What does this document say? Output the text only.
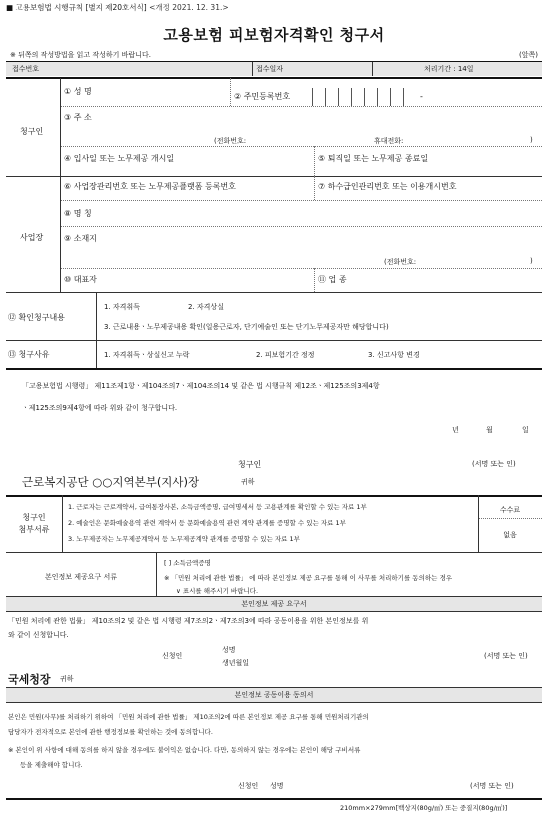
■ 고용보험법 시행규칙 [별지 제20호서식] <개정 2021. 12. 31.>
고용보험 피보험자격확인 청구서
※ 뒤쪽의 작성방법을 읽고 작성하기 바랍니다.	(앞쪽)
접수번호	접수일자	처리기간 : 14일
청구인
① 성 명
② 주민등록번호	-
③ 주 소
(전화번호:	휴대전화:	)
④ 입사일 또는 노무제공 개시일	⑤ 퇴직일 또는 노무제공 종료일
사업장
⑥ 사업장관리번호 또는 노무제공플랫폼 등록번호	⑦ 하수급인관리번호 또는 이용개시번호
⑧ 명 칭
⑨ 소재지
(전화번호:	)
⑩ 대표자	⑪ 업 종
⑫ 확인청구내용
1. 자격취득	2. 자격상실
3. 근로내용ㆍ노무제공내용 확인(일용근로자, 단기예술인 또는 단기노무제공자만 해당합니다)
⑬ 청구사유	1. 자격취득ㆍ상실신고 누락	2. 피보험기간 정정	3. 신고사항 변경
「고용보험법 시행령」 제11조제1항ㆍ제104조의7ㆍ제104조의14 및 같은 법 시행규칙 제12조ㆍ제125조의3제4항
ㆍ제125조의9제4항에 따라 위와 같이 청구합니다.
년	월	일
청구인	(서명 또는 인)
근로복지공단 ○○지역본부(지사)장	귀하
청구인
첨부서류
1. 근로자는 근로계약서, 급여통장사본, 소득금액증명, 급여명세서 등 고용관계를 확인할 수 있는 자료 1부
2. 예술인은 문화예술용역 관련 계약서 등 문화예술용역 관련 계약 관계를 증명할 수 있는 자료 1부
3. 노무제공자는 노무제공계약서 등 노무제공계약 관계를 증명할 수 있는 자료 1부
수수료
없음
본인정보 제공요구 서류
[ ] 소득금액증명
※ 「민원 처리에 관한 법률」 에 따라 본인정보 제공 요구를 통해 이 사무를 처리하기를 동의하는 경우
∨ 표시를 해주시기 바랍니다.
본인정보 제공 요구서
「민원 처리에 관한 법률」 제10조의2 및 같은 법 시행령 제7조의2ㆍ제7조의3에 따라 공동이용을 위한 본인정보를 위
와 같이 신청합니다.
신청인
성명
생년월일
(서명 또는 인)
국세청장 귀하
본인정보 공동이용 동의서
본인은 민원(사무)를 처리하기 위하여 「민원 처리에 관한 법률」 제10조의2에 따른 본인정보 제공 요구를 통해 민원처리기관의
담당자가 전자적으로 본인에 관한 행정정보를 확인하는 것에 동의합니다.
※ 본인이 위 사항에 대해 동의를 하지 않을 경우에도 불이익은 없습니다. 다만, 동의하지 않는 경우에는 본인이 해당 구비서류
등을 제출해야 합니다.
신청인 성명	(서명 또는 인)
210mm×279mm[백상지(80g/㎡) 또는 중질지(80g/㎡)]
